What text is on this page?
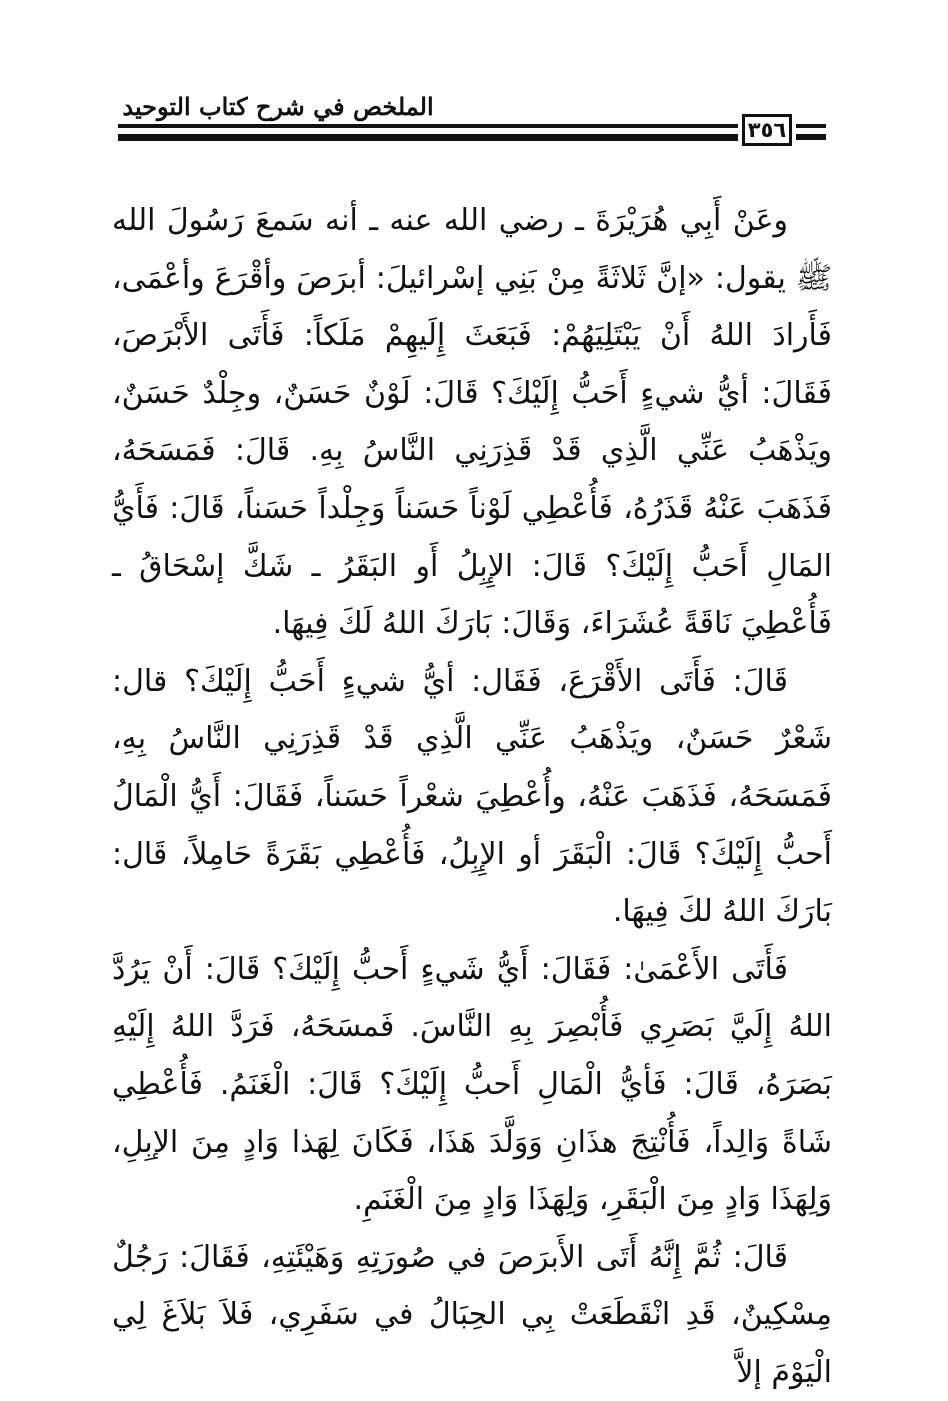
الملخص في شرح كتاب التوحيد
٣٥٦

وعَنْ أَبِي هُرَيْرَةَ ـ رضي الله عنه ـ أنه سَمعَ رَسُولَ الله ﷺ يقول: «إنَّ ثَلاثَةً مِنْ بَنِي إسْرائيلَ: أبرَصَ وأقْرَعَ وأعْمَى، فَأَرادَ اللهُ أَنْ يَبْتَلِيَهُمْ: فَبَعَثَ إِلَيهِمْ مَلَكاً: فَأَتَى الأَبْرَصَ، فَقَالَ: أيُّ شيءٍ أَحَبُّ إِلَيْكَ؟ قَالَ: لَوْنٌ حَسَنٌ، وجِلْدٌ حَسَنٌ، ويَذْهَبُ عَنِّي الَّذِي قَدْ قَذِرَنِي النَّاسُ بِهِ. قَالَ: فَمَسَحَهُ، فَذَهَبَ عَنْهُ قَذَرُهُ، فَأُعْطِي لَوْناً حَسَناً وَجِلْداً حَسَناً، قَالَ: فَأَيُّ المَالِ أَحَبُّ إِلَيْكَ؟ قَالَ: الإِبِلُ أَو البَقَرُ ـ شَكَّ إسْحَاقُ ـ فَأُعْطِيَ نَاقَةً عُشَرَاءَ، وَقَالَ: بَارَكَ اللهُ لَكَ فِيهَا.

قَالَ: فَأَتَى الأَقْرَعَ، فَقَال: أيُّ شيءٍ أَحَبُّ إِلَيْكَ؟ قال: شَعْرٌ حَسَنٌ، ويَذْهَبُ عَنِّي الَّذِي قَدْ قَذِرَنِي النَّاسُ بِهِ، فَمَسَحَهُ، فَذَهَبَ عَنْهُ، وأُعْطِيَ شعْراً حَسَناً، فَقَالَ: أَيُّ الْمَالُ أَحبُّ إِلَيْكَ؟ قَالَ: الْبَقَرَ أو الإِبِلُ، فَأُعْطِي بَقَرَةً حَامِلاً، قَال: بَارَكَ اللهُ لكَ فِيهَا.

فَأَتَى الأَعْمَىٰ: فَقَالَ: أَيُّ شَيءٍ أَحبُّ إِلَيْكَ؟ قَالَ: أَنْ يَرُدَّ اللهُ إِلَيَّ بَصَرِي فَأُبْصِرَ بِهِ النَّاسَ. فَمسَحَهُ، فَرَدَّ اللهُ إِلَيْهِ بَصَرَهُ، قَالَ: فَأيُّ الْمَالِ أَحبُّ إِلَيْكَ؟ قَالَ: الْغَنَمُ. فَأُعْطِي شَاةً وَالِداً، فَأُنْتِجَ هذَانِ وَوَلَّدَ هَذَا، فَكَانَ لِهَذا وَادٍ مِنَ الإبِلِ، وَلِهَذَا وَادٍ مِنَ الْبَقَرِ، وَلِهَذَا وَادٍ مِنَ الْغَنَمِ.

قَالَ: ثُمَّ إِنَّهُ أَتَى الأَبرَصَ في صُورَتِهِ وَهَيْئَتِهِ، فَقَالَ: رَجُلٌ مِسْكِينٌ، قَدِ انْقَطَعَتْ بِي الحِبَالُ في سَفَرِي، فَلاَ بَلاَغَ لِي الْيَوْمَ إلاَّ
